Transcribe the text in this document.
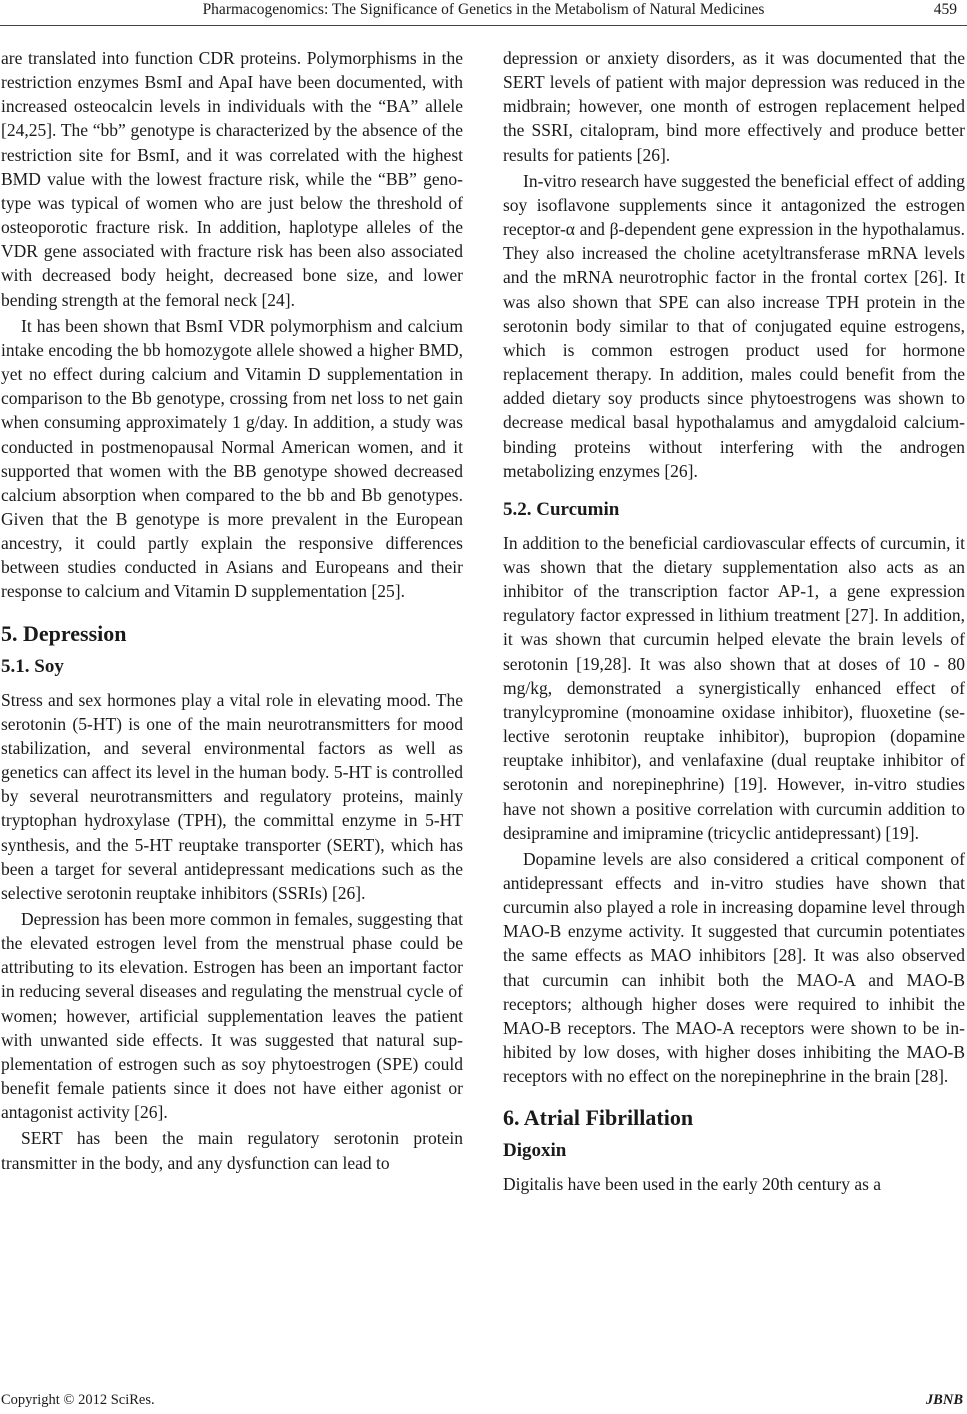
Pharmacogenomics: The Significance of Genetics in the Metabolism of Natural Medicines	459

are translated into function CDR proteins. Polymorphisms in the restriction enzymes BsmI and ApaI have been documented, with increased osteocalcin levels in individuals with the “BA” allele [24,25]. The “bb” genotype is characterized by the absence of the restriction site for BsmI, and it was correlated with the highest BMD value with the lowest fracture risk, while the “BB” genotype was typical of women who are just below the threshold of osteoporotic fracture risk. In addition, haplotype alleles of the VDR gene associated with fracture risk has been also associated with decreased body height, decreased bone size, and lower bending strength at the femoral neck [24].

It has been shown that BsmI VDR polymorphism and calcium intake encoding the bb homozygote allele showed a higher BMD, yet no effect during calcium and Vitamin D supplementation in comparison to the Bb genotype, crossing from net loss to net gain when consuming approximately 1 g/day. In addition, a study was conducted in postmenopausal Normal American women, and it supported that women with the BB genotype showed decreased calcium absorption when compared to the bb and Bb genotypes. Given that the B genotype is more prevalent in the European ancestry, it could partly explain the responsive differences between studies conducted in Asians and Europeans and their response to calcium and Vitamin D supplementation [25].

5. Depression
5.1. Soy

Stress and sex hormones play a vital role in elevating mood. The serotonin (5-HT) is one of the main neurotransmitters for mood stabilization, and several environmental factors as well as genetics can affect its level in the human body. 5-HT is controlled by several neurotransmitters and regulatory proteins, mainly tryptophan hydroxylase (TPH), the committal enzyme in 5-HT synthesis, and the 5-HT reuptake transporter (SERT), which has been a target for several antidepressant medications such as the selective serotonin reuptake inhibitors (SSRIs) [26].

Depression has been more common in females, suggesting that the elevated estrogen level from the menstrual phase could be attributing to its elevation. Estrogen has been an important factor in reducing several diseases and regulating the menstrual cycle of women; however, artificial supplementation leaves the patient with unwanted side effects. It was suggested that natural supplementation of estrogen such as soy phytoestrogen (SPE) could benefit female patients since it does not have either agonist or antagonist activity [26].

SERT has been the main regulatory serotonin protein transmitter in the body, and any dysfunction can lead to

depression or anxiety disorders, as it was documented that the SERT levels of patient with major depression was reduced in the midbrain; however, one month of estrogen replacement helped the SSRI, citalopram, bind more effectively and produce better results for patients [26].

In-vitro research have suggested the beneficial effect of adding soy isoflavone supplements since it antagonized the estrogen receptor-α and β-dependent gene expression in the hypothalamus. They also increased the choline acetyltransferase mRNA levels and the mRNA neurotrophic factor in the frontal cortex [26]. It was also shown that SPE can also increase TPH protein in the serotonin body similar to that of conjugated equine estrogens, which is common estrogen product used for hormone replacement therapy. In addition, males could benefit from the added dietary soy products since phytoestrogens was shown to decrease medical basal hypothalamus and amygdaloid calcium-binding proteins without interfering with the androgen metabolizing enzymes [26].

5.2. Curcumin

In addition to the beneficial cardiovascular effects of curcumin, it was shown that the dietary supplementation also acts as an inhibitor of the transcription factor AP-1, a gene expression regulatory factor expressed in lithium treatment [27]. In addition, it was shown that curcumin helped elevate the brain levels of serotonin [19,28]. It was also shown that at doses of 10 - 80 mg/kg, demonstrated a synergistically enhanced effect of tranylcypromine (monoamine oxidase inhibitor), fluoxetine (selective serotonin reuptake inhibitor), bupropion (dopamine reuptake inhibitor), and venlafaxine (dual reuptake inhibitor of serotonin and norepinephrine) [19]. However, in-vitro studies have not shown a positive correlation with curcumin addition to desipramine and imipramine (tricyclic antidepressant) [19].

Dopamine levels are also considered a critical component of antidepressant effects and in-vitro studies have shown that curcumin also played a role in increasing dopamine level through MAO-B enzyme activity. It suggested that curcumin potentiates the same effects as MAO inhibitors [28]. It was also observed that curcumin can inhibit both the MAO-A and MAO-B receptors; although higher doses were required to inhibit the MAO-B receptors. The MAO-A receptors were shown to be inhibited by low doses, with higher doses inhibiting the MAO-B receptors with no effect on the norepinephrine in the brain [28].

6. Atrial Fibrillation
Digoxin

Digitalis have been used in the early 20th century as a

Copyright © 2012 SciRes.	JBNB
